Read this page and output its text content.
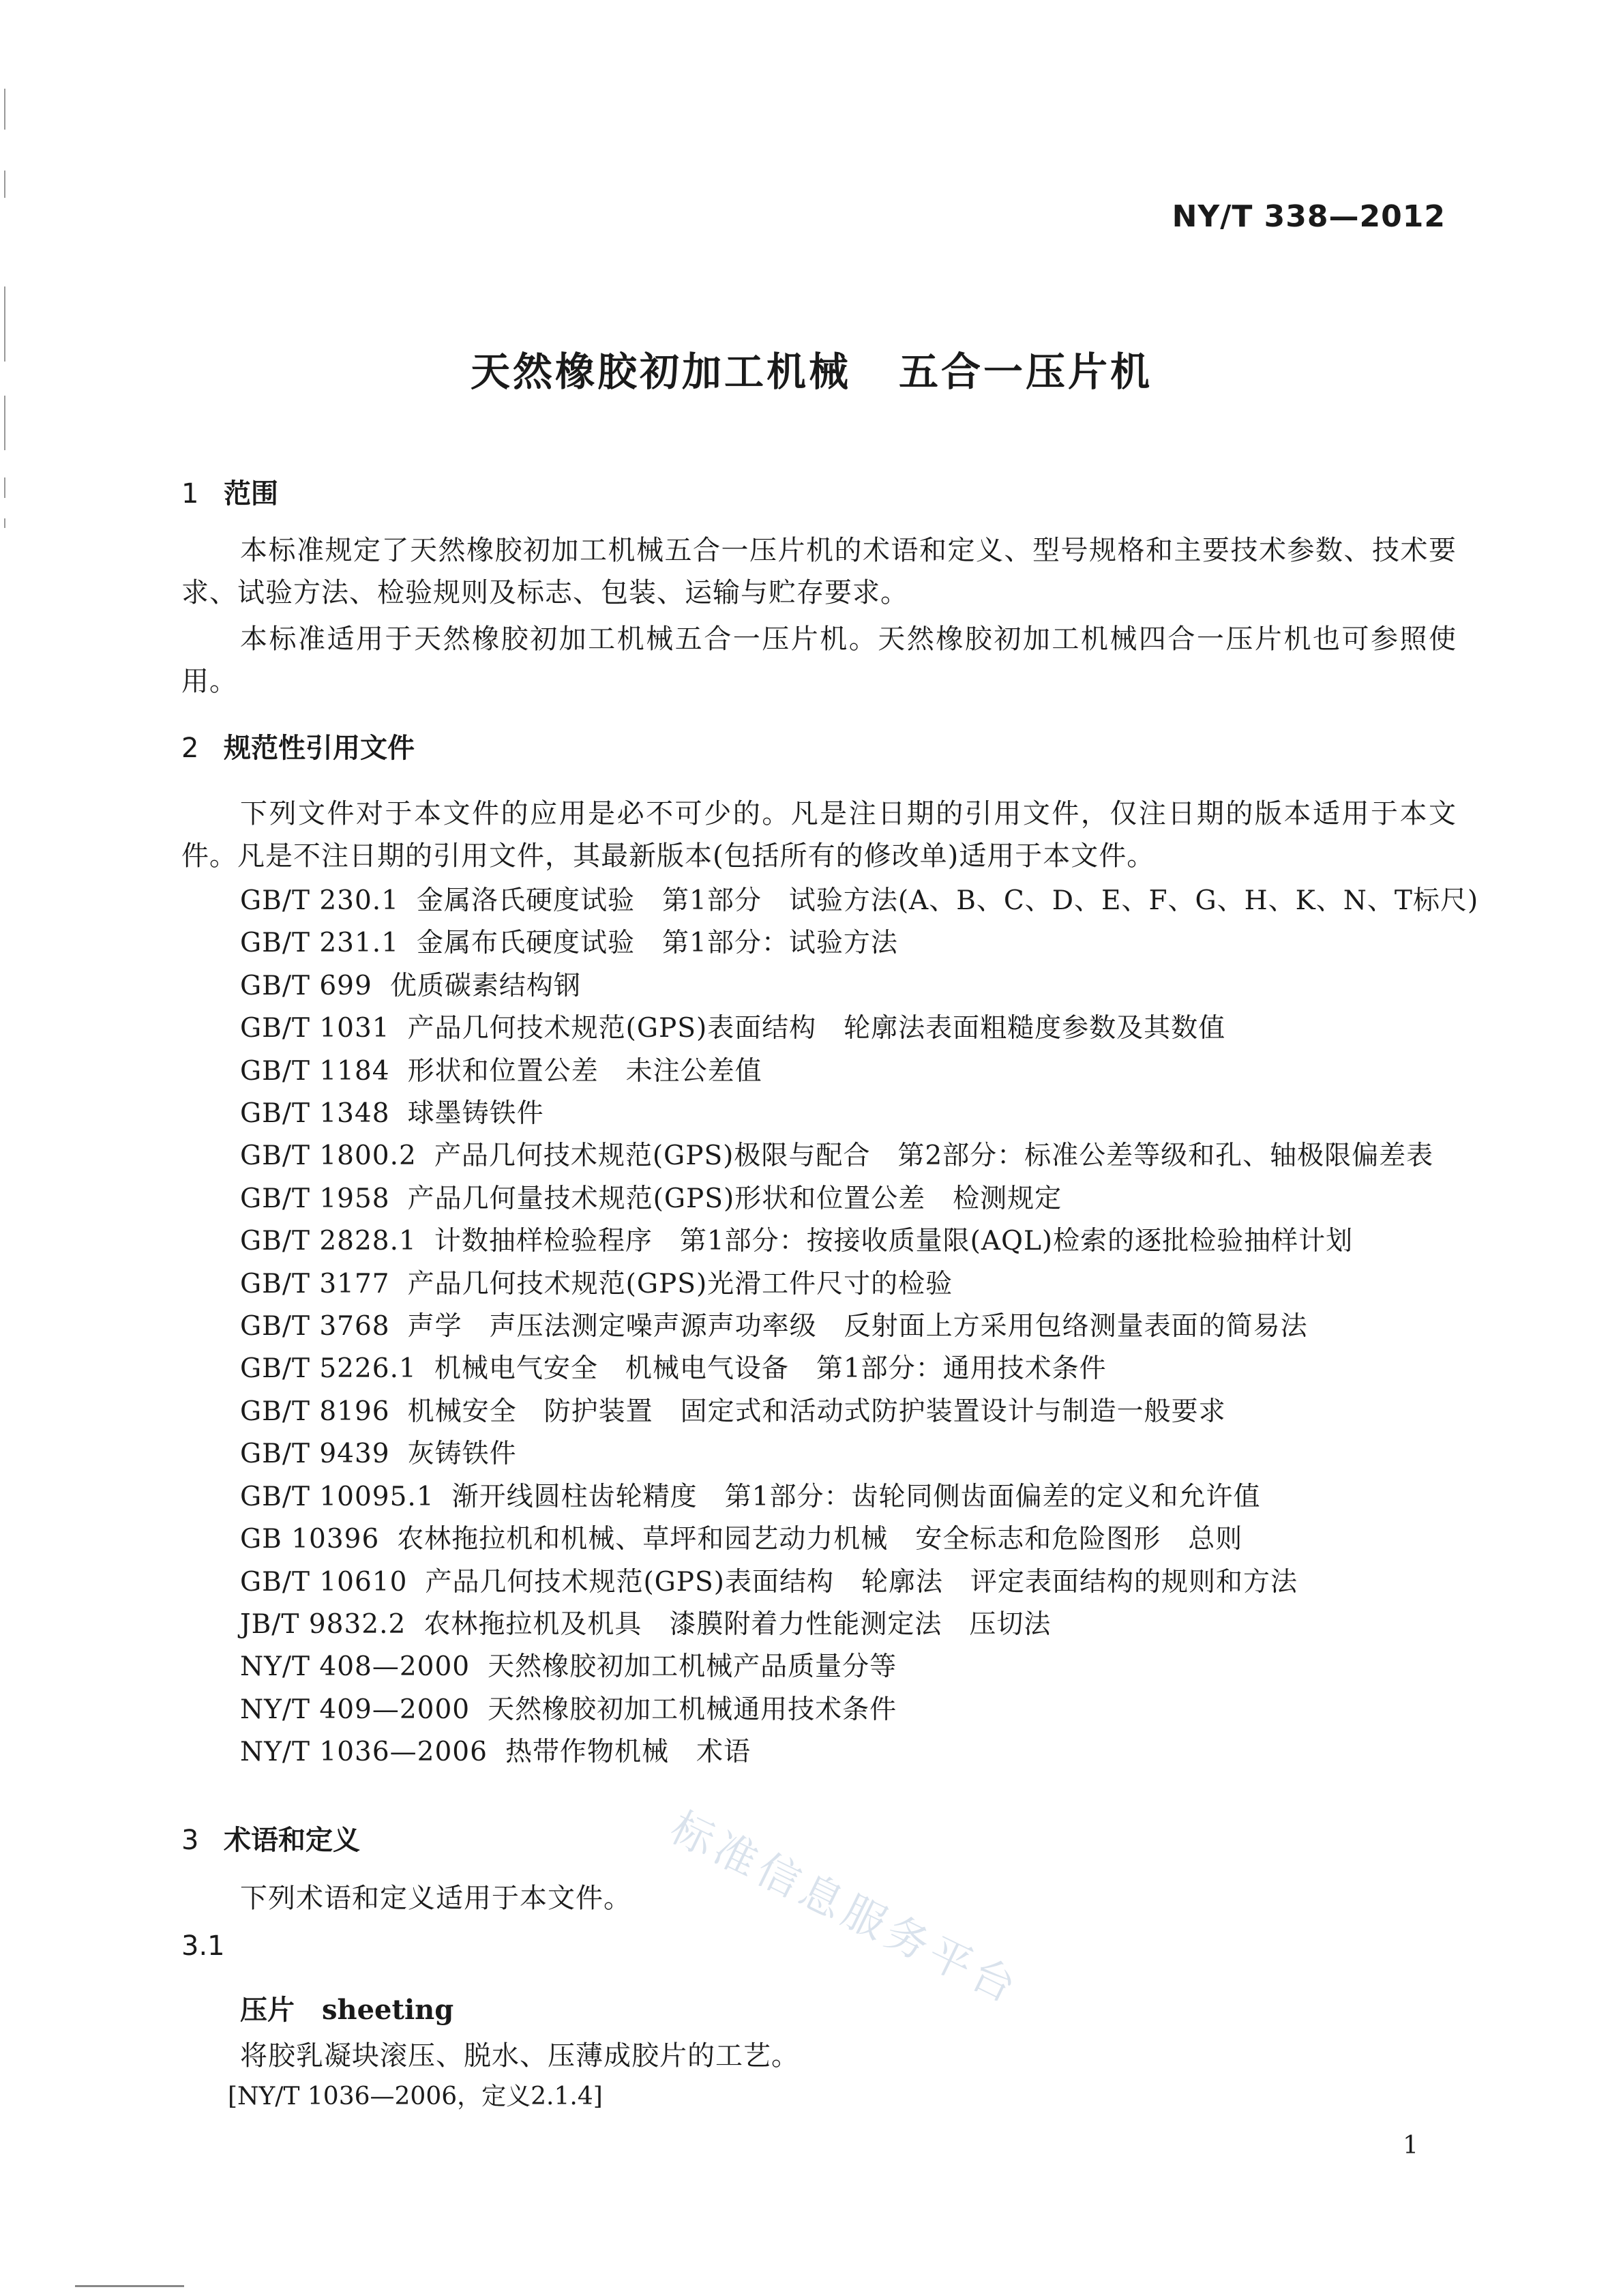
NY/T 338—2012
天然橡胶初加工机械 五合一压片机
1 范围
本标准规定了天然橡胶初加工机械五合一压片机的术语和定义、型号规格和主要技术参数、技术要求、试验方法、检验规则及标志、包装、运输与贮存要求。
本标准适用于天然橡胶初加工机械五合一压片机。天然橡胶初加工机械四合一压片机也可参照使用。
2 规范性引用文件
下列文件对于本文件的应用是必不可少的。凡是注日期的引用文件，仅注日期的版本适用于本文件。凡是不注日期的引用文件，其最新版本(包括所有的修改单)适用于本文件。
GB/T 230.1 金属洛氏硬度试验　第1部分　试验方法(A、B、C、D、E、F、G、H、K、N、T标尺)
GB/T 231.1 金属布氏硬度试验　第1部分：试验方法
GB/T 699 优质碳素结构钢
GB/T 1031 产品几何技术规范(GPS)表面结构　轮廓法表面粗糙度参数及其数值
GB/T 1184 形状和位置公差　未注公差值
GB/T 1348 球墨铸铁件
GB/T 1800.2 产品几何技术规范(GPS)极限与配合　第2部分：标准公差等级和孔、轴极限偏差表
GB/T 1958 产品几何量技术规范(GPS)形状和位置公差　检测规定
GB/T 2828.1 计数抽样检验程序　第1部分：按接收质量限(AQL)检索的逐批检验抽样计划
GB/T 3177 产品几何技术规范(GPS)光滑工件尺寸的检验
GB/T 3768 声学　声压法测定噪声源声功率级　反射面上方采用包络测量表面的简易法
GB/T 5226.1 机械电气安全　机械电气设备　第1部分：通用技术条件
GB/T 8196 机械安全　防护装置　固定式和活动式防护装置设计与制造一般要求
GB/T 9439 灰铸铁件
GB/T 10095.1 渐开线圆柱齿轮精度　第1部分：齿轮同侧齿面偏差的定义和允许值
GB 10396 农林拖拉机和机械、草坪和园艺动力机械　安全标志和危险图形　总则
GB/T 10610 产品几何技术规范(GPS)表面结构　轮廓法　评定表面结构的规则和方法
JB/T 9832.2 农林拖拉机及机具　漆膜附着力性能测定法　压切法
NY/T 408—2000 天然橡胶初加工机械产品质量分等
NY/T 409—2000 天然橡胶初加工机械通用技术条件
NY/T 1036—2006 热带作物机械　术语
3 术语和定义
下列术语和定义适用于本文件。
3.1
压片 sheeting
将胶乳凝块滚压、脱水、压薄成胶片的工艺。
[NY/T 1036—2006，定义2.1.4]
标准信息服务平台
1
